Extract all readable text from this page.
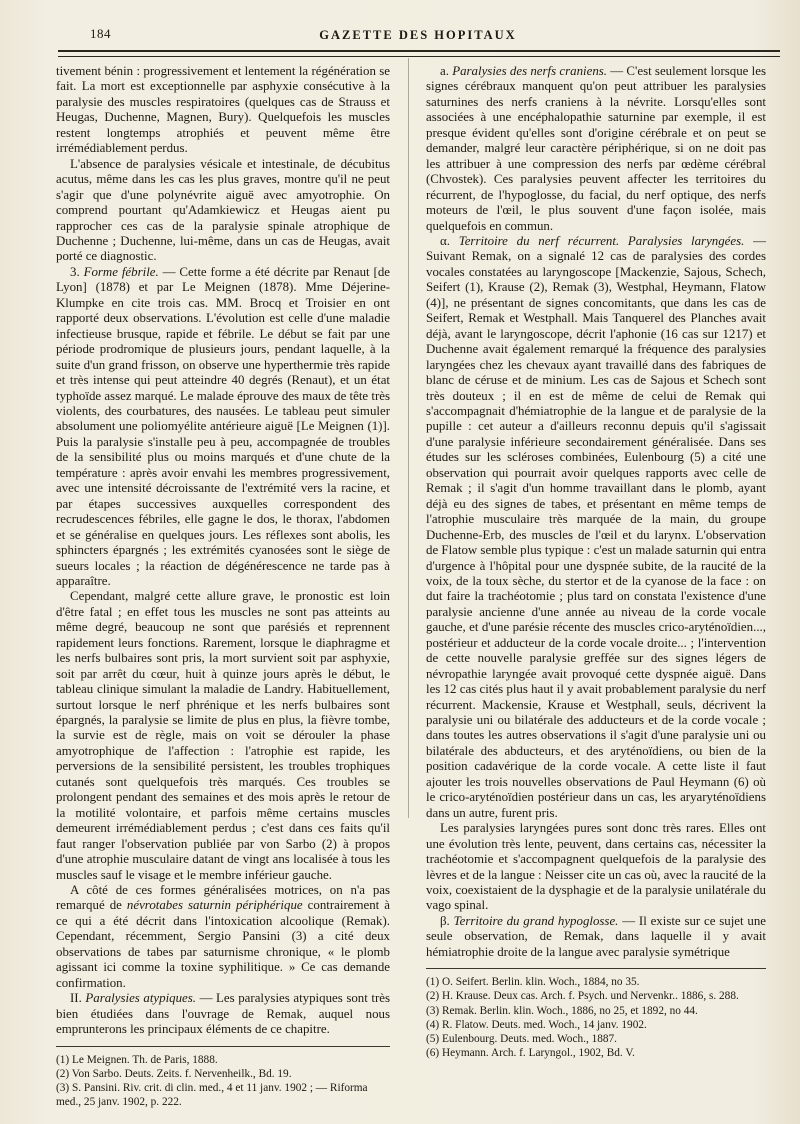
184	GAZETTE DES HOPITAUX

tivement bénin : progressivement et lentement la régénération se fait. La mort est exceptionnelle par asphyxie consécutive à la paralysie des muscles respiratoires (quelques cas de Strauss et Heugas, Duchenne, Magnen, Bury). Quelquefois les muscles restent longtemps atrophiés et peuvent même être irrémédiablement perdus.

L'absence de paralysies vésicale et intestinale, de décubitus acutus, même dans les cas les plus graves, montre qu'il ne peut s'agir que d'une polynévrite aiguë avec amyotrophie. On comprend pourtant qu'Adamkiewicz et Heugas aient pu rapprocher ces cas de la paralysie spinale atrophique de Duchenne ; Duchenne, lui-même, dans un cas de Heugas, avait porté ce diagnostic.

3. Forme fébrile. — Cette forme a été décrite par Renaut [de Lyon] (1878) et par Le Meignen (1878). Mme Déjerine-Klumpke en cite trois cas. MM. Brocq et Troisier en ont rapporté deux observations. L'évolution est celle d'une maladie infectieuse brusque, rapide et fébrile. Le début se fait par une période prodromique de plusieurs jours, pendant laquelle, à la suite d'un grand frisson, on observe une hyperthermie très rapide et très intense qui peut atteindre 40 degrés (Renaut), et un état typhoïde assez marqué. Le malade éprouve des maux de tête très violents, des courbatures, des nausées. Le tableau peut simuler absolument une poliomyélite antérieure aiguë [Le Meignen (1)]. Puis la paralysie s'installe peu à peu, accompagnée de troubles de la sensibilité plus ou moins marqués et d'une chute de la température : après avoir envahi les membres progressivement, avec une intensité décroissante de l'extrémité vers la racine, et par étapes successives auxquelles correspondent des recrudescences fébriles, elle gagne le dos, le thorax, l'abdomen et se généralise en quelques jours. Les réflexes sont abolis, les sphincters épargnés ; les extrémités cyanosées sont le siège de sueurs locales ; la réaction de dégénérescence ne tarde pas à apparaître.

Cependant, malgré cette allure grave, le pronostic est loin d'être fatal ; en effet tous les muscles ne sont pas atteints au même degré, beaucoup ne sont que parésiés et reprennent rapidement leurs fonctions. Rarement, lorsque le diaphragme et les nerfs bulbaires sont pris, la mort survient soit par asphyxie, soit par arrêt du cœur, huit à quinze jours après le début, le tableau clinique simulant la maladie de Landry. Habituellement, surtout lorsque le nerf phrénique et les nerfs bulbaires sont épargnés, la paralysie se limite de plus en plus, la fièvre tombe, la survie est de règle, mais on voit se dérouler la phase amyotrophique de l'affection : l'atrophie est rapide, les perversions de la sensibilité persistent, les troubles trophiques cutanés sont quelquefois très marqués. Ces troubles se prolongent pendant des semaines et des mois après le retour de la motilité volontaire, et parfois même certains muscles demeurent irrémédiablement perdus ; c'est dans ces faits qu'il faut ranger l'observation publiée par von Sarbo (2) à propos d'une atrophie musculaire datant de vingt ans localisée à tous les muscles sauf le visage et le membre inférieur gauche.

A côté de ces formes généralisées motrices, on n'a pas remarqué de névrotabes saturnin périphérique contrairement à ce qui a été décrit dans l'intoxication alcoolique (Remak). Cependant, récemment, Sergio Pansini (3) a cité deux observations de tabes par saturnisme chronique, « le plomb agissant ici comme la toxine syphilitique. » Ce cas demande confirmation.

II. Paralysies atypiques. — Les paralysies atypiques sont très bien étudiées dans l'ouvrage de Remak, auquel nous emprunterons les principaux éléments de ce chapitre.

(1) Le Meignen. Th. de Paris, 1888.
(2) Von Sarbo. Deuts. Zeits. f. Nervenheilk., Bd. 19.
(3) S. Pansini. Riv. crit. di clin. med., 4 et 11 janv. 1902 ; — Riforma
med., 25 janv. 1902, p. 222.

a. Paralysies des nerfs craniens. — C'est seulement lorsque les signes cérébraux manquent qu'on peut attribuer les paralysies saturnines des nerfs craniens à la névrite. Lorsqu'elles sont associées à une encéphalopathie saturnine par exemple, il est presque évident qu'elles sont d'origine cérébrale et on peut se demander, malgré leur caractère périphérique, si on ne doit pas les attribuer à une compression des nerfs par œdème cérébral (Chvostek). Ces paralysies peuvent affecter les territoires du récurrent, de l'hypoglosse, du facial, du nerf optique, des nerfs moteurs de l'œil, le plus souvent d'une façon isolée, mais quelquefois en commun.

α. Territoire du nerf récurrent. Paralysies laryngées. — Suivant Remak, on a signalé 12 cas de paralysies des cordes vocales constatées au laryngoscope [Mackenzie, Sajous, Schech, Seifert (1), Krause (2), Remak (3), Westphal, Heymann, Flatow (4)], ne présentant de signes concomitants, que dans les cas de Seifert, Remak et Westphall. Mais Tanquerel des Planches avait déjà, avant le laryngoscope, décrit l'aphonie (16 cas sur 1217) et Duchenne avait également remarqué la fréquence des paralysies laryngées chez les chevaux ayant travaillé dans des fabriques de blanc de céruse et de minium. Les cas de Sajous et Schech sont très douteux ; il en est de même de celui de Remak qui s'accompagnait d'hémiatrophie de la langue et de paralysie de la pupille : cet auteur a d'ailleurs reconnu depuis qu'il s'agissait d'une paralysie inférieure secondairement généralisée. Dans ses études sur les scléroses combinées, Eulenbourg (5) a cité une observation qui pourrait avoir quelques rapports avec celle de Remak ; il s'agit d'un homme travaillant dans le plomb, ayant déjà eu des signes de tabes, et présentant en même temps de l'atrophie musculaire très marquée de la main, du groupe Duchenne-Erb, des muscles de l'œil et du larynx. L'observation de Flatow semble plus typique : c'est un malade saturnin qui entra d'urgence à l'hôpital pour une dyspnée subite, de la raucité de la voix, de la toux sèche, du stertor et de la cyanose de la face : on dut faire la trachéotomie ; plus tard on constata l'existence d'une paralysie ancienne d'une année au niveau de la corde vocale gauche, et d'une parésie récente des muscles crico-aryténoïdien..., postérieur et adducteur de la corde vocale droite... ; l'intervention de cette nouvelle paralysie greffée sur des signes légers de névropathie laryngée avait provoqué cette dyspnée aiguë. Dans les 12 cas cités plus haut il y avait probablement paralysie du nerf récurrent. Mackensie, Krause et Westphall, seuls, décrivent la paralysie uni ou bilatérale des adducteurs et de la corde vocale ; dans toutes les autres observations il s'agit d'une paralysie uni ou bilatérale des abducteurs, et des aryténoïdiens, ou bien de la position cadavérique de la corde vocale. A cette liste il faut ajouter les trois nouvelles observations de Paul Heymann (6) où le crico-aryténoïdien postérieur dans un cas, les aryaryténoïdiens dans un autre, furent pris.

Les paralysies laryngées pures sont donc très rares. Elles ont une évolution très lente, peuvent, dans certains cas, nécessiter la trachéotomie et s'accompagnent quelquefois de la paralysie des lèvres et de la langue : Neisser cite un cas où, avec la raucité de la voix, coexistaient de la dysphagie et de la paralysie unilatérale du vago spinal.

β. Territoire du grand hypoglosse. — Il existe sur ce sujet une seule observation, de Remak, dans laquelle il y avait hémiatrophie droite de la langue avec paralysie symétrique

(1) O. Seifert. Berlin. klin. Woch., 1884, no 35.
(2) H. Krause. Deux cas. Arch. f. Psych. und Nervenkr.. 1886, s. 288.
(3) Remak. Berlin. klin. Woch., 1886, no 25, et 1892, no 44.
(4) R. Flatow. Deuts. med. Woch., 14 janv. 1902.
(5) Eulenbourg. Deuts. med. Woch., 1887.
(6) Heymann. Arch. f. Laryngol., 1902, Bd. V.
